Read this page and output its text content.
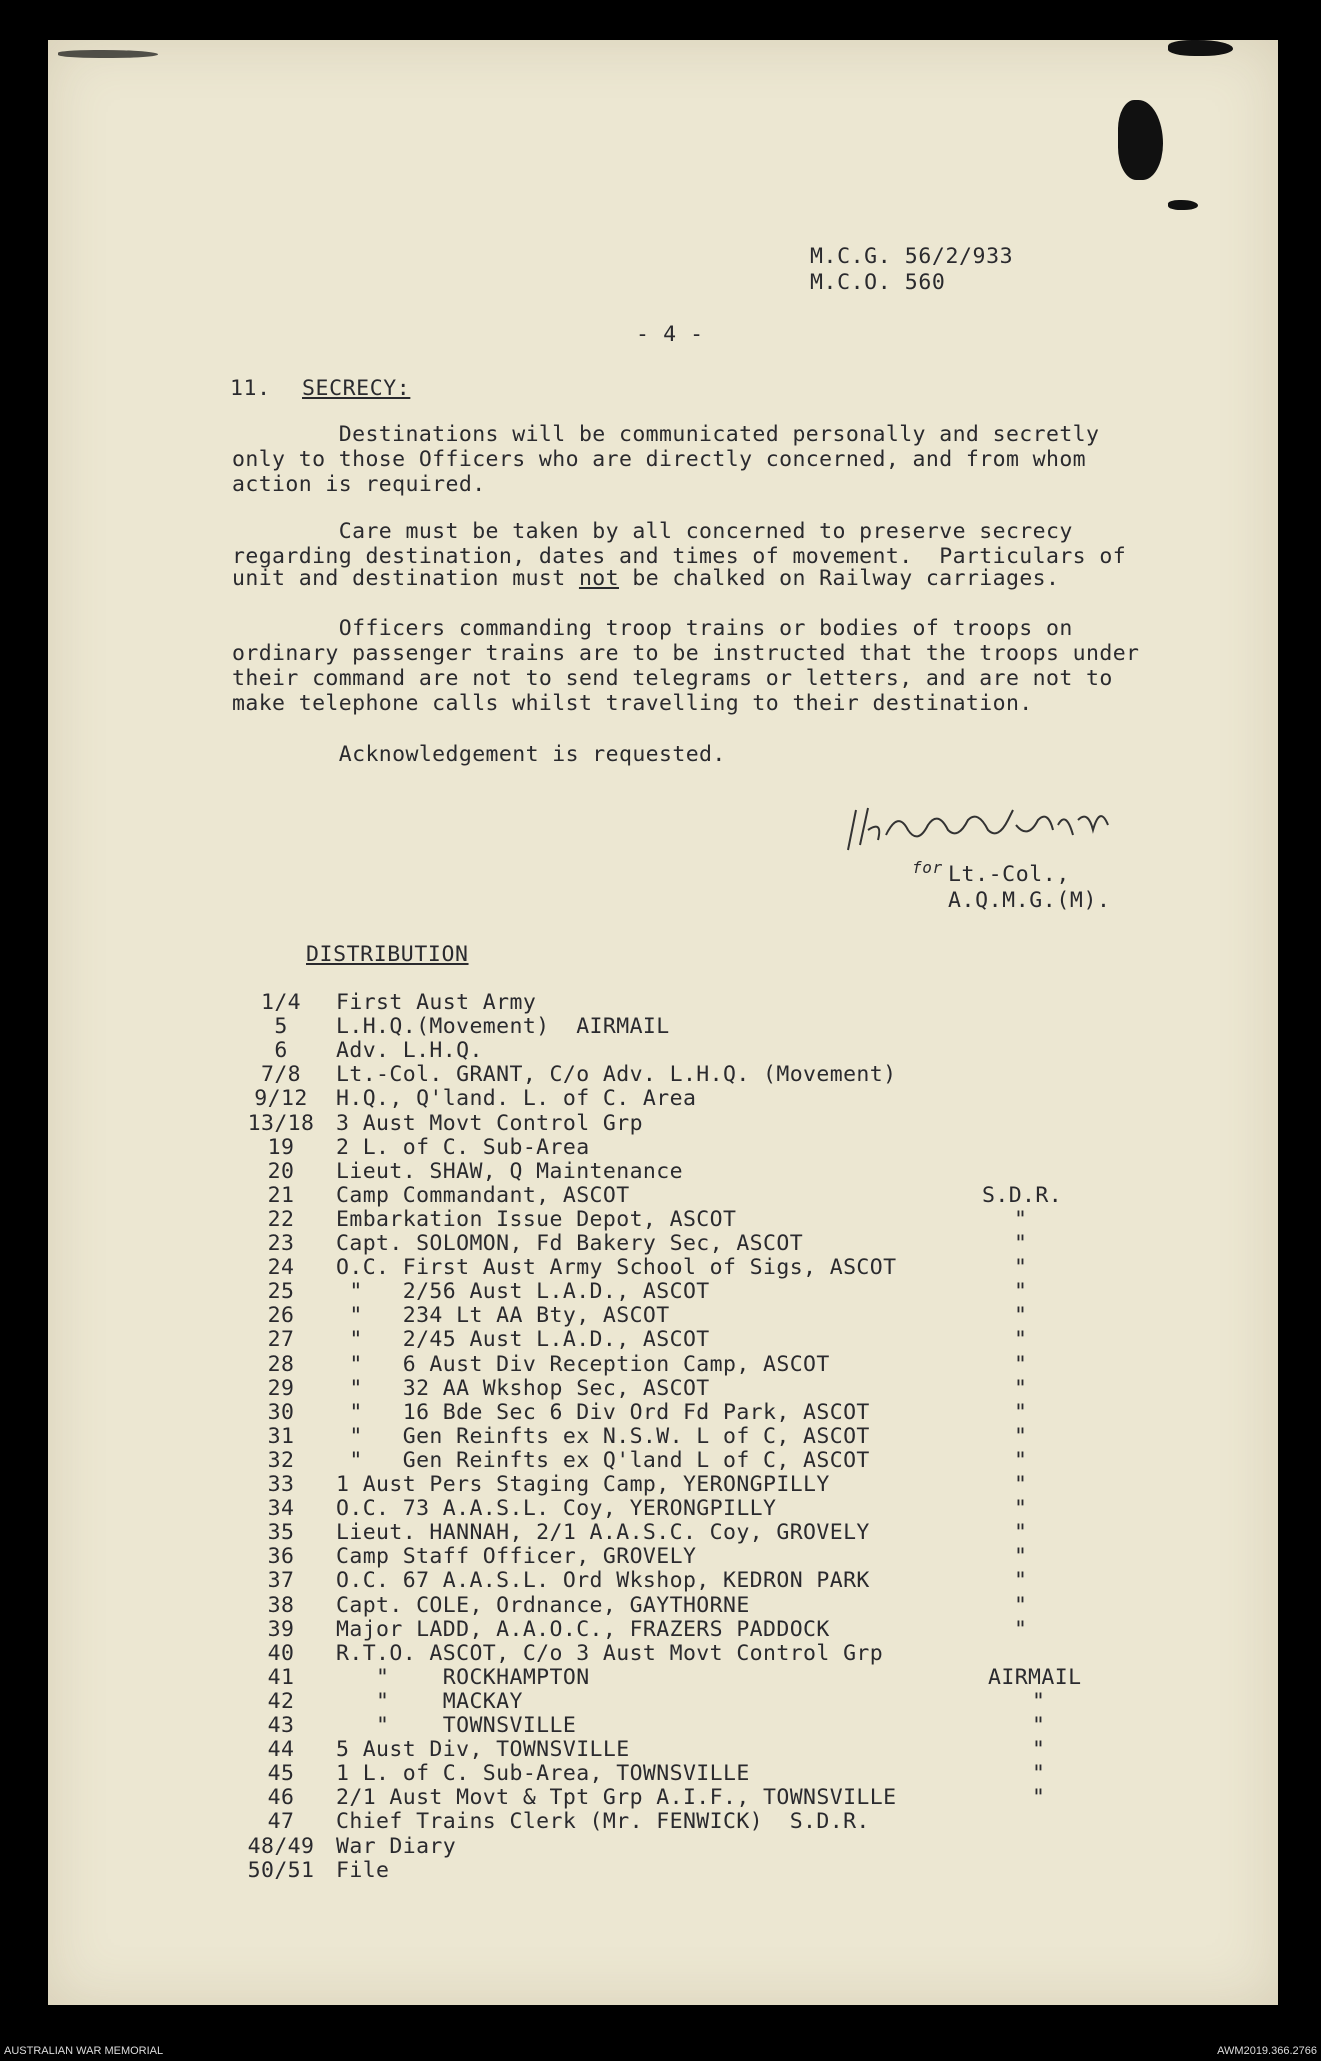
M.C.G. 56/2/933
M.C.O. 560
- 4 -
11. SECRECY:
Destinations will be communicated personally and secretly
only to those Officers who are directly concerned, and from whom
action is required.
Care must be taken by all concerned to preserve secrecy
regarding destination, dates and times of movement.  Particulars of
Officers commanding troop trains or bodies of troops on
ordinary passenger trains are to be instructed that the troops under
their command are not to send telegrams or letters, and are not to
make telephone calls whilst travelling to their destination.
unit and destination must not be chalked on Railway carriages.
Acknowledgement is requested.
for Lt.-Col.,
A.Q.M.G.(M).
DISTRIBUTION
1/4	First Aust Army
5	L.H.Q.(Movement)  AIRMAIL
6	Adv. L.H.Q.
7/8	Lt.-Col. GRANT, C/o Adv. L.H.Q. (Movement)
9/12	H.Q., Q'land. L. of C. Area
13/18	3 Aust Movt Control Grp
19	2 L. of C. Sub-Area
20	Lieut. SHAW, Q Maintenance
21	Camp Commandant, ASCOT	S.D.R.
22	Embarkation Issue Depot, ASCOT	"
23	Capt. SOLOMON, Fd Bakery Sec, ASCOT	"
24	O.C. First Aust Army School of Sigs, ASCOT	"
25	"   2/56 Aust L.A.D., ASCOT	"
26	"   234 Lt AA Bty, ASCOT	"
27	"   2/45 Aust L.A.D., ASCOT	"
28	"   6 Aust Div Reception Camp, ASCOT	"
29	"   32 AA Wkshop Sec, ASCOT	"
30	"   16 Bde Sec 6 Div Ord Fd Park, ASCOT	"
31	"   Gen Reinfts ex N.S.W. L of C, ASCOT	"
32	"   Gen Reinfts ex Q'land L of C, ASCOT	"
33	1 Aust Pers Staging Camp, YERONGPILLY	"
34	O.C. 73 A.A.S.L. Coy, YERONGPILLY	"
35	Lieut. HANNAH, 2/1 A.A.S.C. Coy, GROVELY	"
36	Camp Staff Officer, GROVELY	"
37	O.C. 67 A.A.S.L. Ord Wkshop, KEDRON PARK	"
38	Capt. COLE, Ordnance, GAYTHORNE	"
39	Major LADD, A.A.O.C., FRAZERS PADDOCK	"
40	R.T.O. ASCOT, C/o 3 Aust Movt Control Grp
41	"    ROCKHAMPTON	AIRMAIL
42	"    MACKAY	"
43	"    TOWNSVILLE	"
44	5 Aust Div, TOWNSVILLE	"
45	1 L. of C. Sub-Area, TOWNSVILLE	"
46	2/1 Aust Movt & Tpt Grp A.I.F., TOWNSVILLE	"
47	Chief Trains Clerk (Mr. FENWICK)  S.D.R.
48/49	War Diary
50/51	File
AUSTRALIAN WAR MEMORIAL	AWM2019.366.2766
